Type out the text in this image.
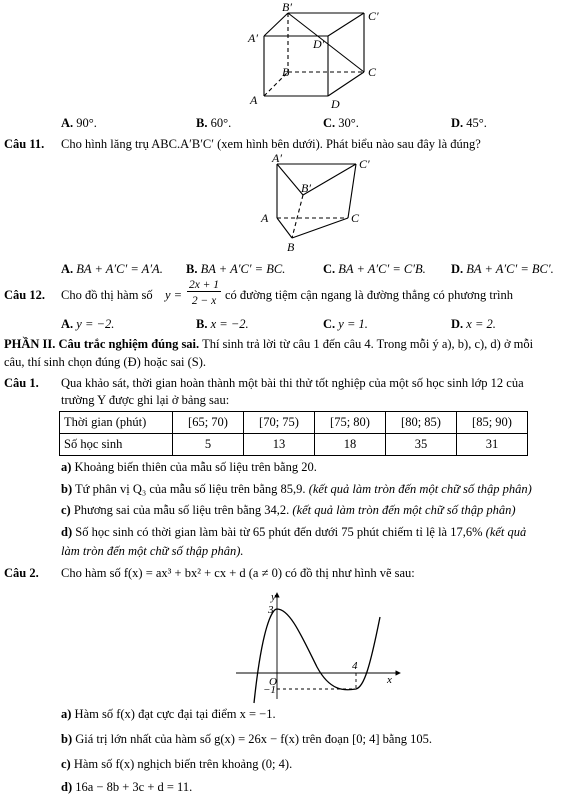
B′
C′
A′	D′
B	C
A	D
A. 90°.	B. 60°.	C. 30°.	D. 45°.
Câu 11. Cho hình lăng trụ ABC.A′B′C′ (xem hình bên dưới). Phát biểu nào sau đây là đúng?
A′	C′
B′
A	C
B
A. BA + A′C′ = A′A. B. BA + A′C′ = BC.	C. BA + A′C′ = C′B. D. BA + A′C′ = BC′.
Câu 12. Cho đồ thị hàm số y =
2x + 1
2 − x có đường tiệm cận ngang là đường thẳng có phương trình
A. y = −2.	B. x = −2.	C. y = 1.	D. x = 2.
PHẦN II. Câu trắc nghiệm đúng sai. Thí sinh trả lời từ câu 1 đến câu 4. Trong mỗi ý a), b), c), d) ở mỗi
câu, thí sinh chọn đúng (Đ) hoặc sai (S).
Câu 1. Qua khảo sát, thời gian hoàn thành một bài thi thử tốt nghiệp của một số học sinh lớp 12 của
trường Y được ghi lại ở bảng sau:
Thời gian (phút)	[65; 70)	[70; 75)	[75; 80)	[80; 85)	[85; 90)
Số học sinh	5	13	18	35	31
a) Khoảng biến thiên của mẫu số liệu trên bằng 20.
b) Tứ phân vị Q₃ của mẫu số liệu trên bằng 85,9. (kết quả làm tròn đến một chữ số thập phân)
c) Phương sai của mẫu số liệu trên bằng 34,2. (kết quả làm tròn đến một chữ số thập phân)
d) Số học sinh có thời gian làm bài từ 65 phút đến dưới 75 phút chiếm tỉ lệ là 17,6% (kết quả
làm tròn đến một chữ số thập phân).
Câu 2. Cho hàm số f(x) = ax³ + bx² + cx + d (a ≠ 0) có đồ thị như hình vẽ sau:
y
3
4
O	x
−1
a) Hàm số f(x) đạt cực đại tại điểm x = −1.
b) Giá trị lớn nhất của hàm số g(x) = 26x − f(x) trên đoạn [0; 4] bằng 105.
c) Hàm số f(x) nghịch biến trên khoảng (0; 4).
d) 16a − 8b + 3c + d = 11.
